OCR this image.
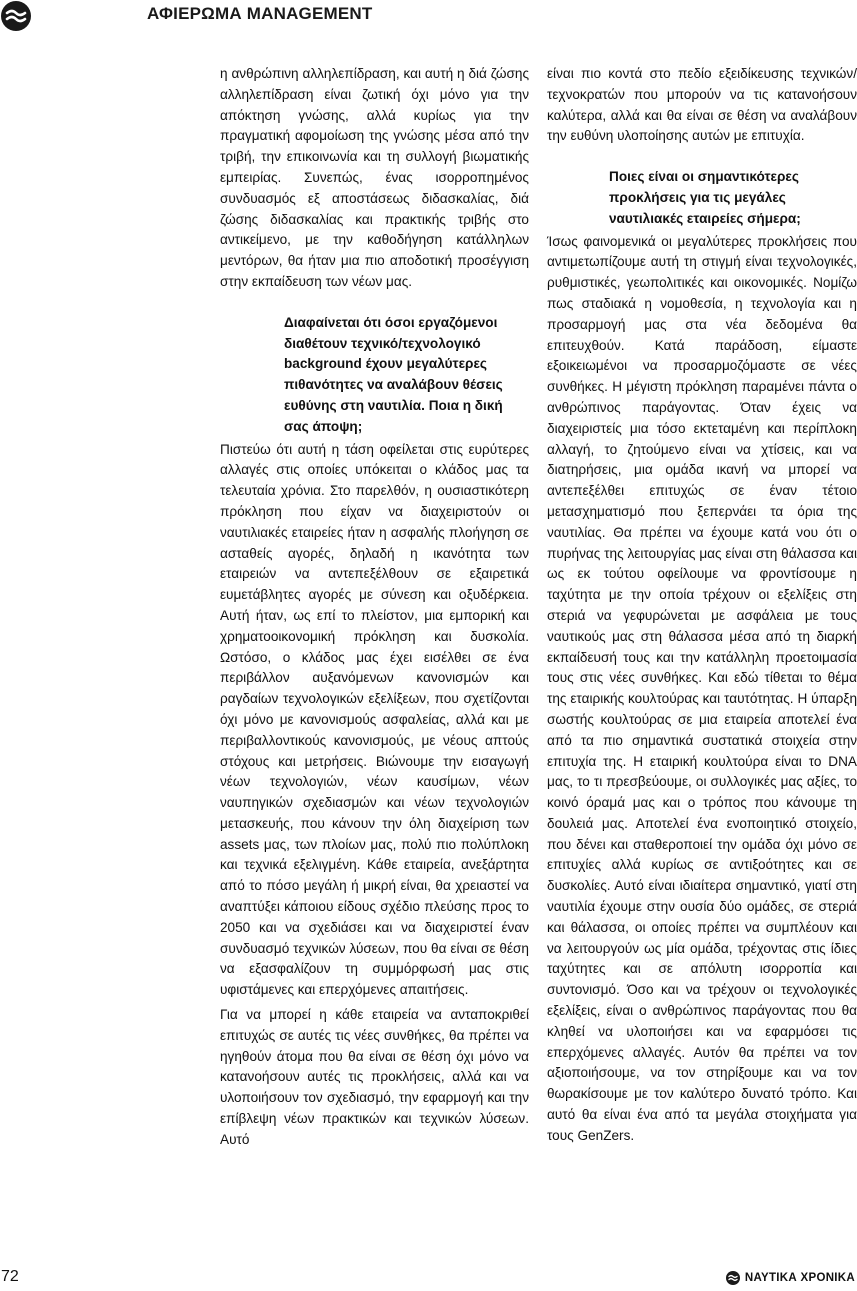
ΑΦΙΕΡΩΜΑ MANAGEMENT

η ανθρώπινη αλληλεπίδραση, και αυτή η διά ζώσης αλληλεπίδραση είναι ζωτική όχι μόνο για την απόκτηση γνώσης, αλλά κυρίως για την πραγματική αφομοίωση της γνώσης μέσα από την τριβή, την επικοινωνία και τη συλλογή βιωματικής εμπειρίας. Συνεπώς, ένας ισορροπημένος συνδυασμός εξ αποστάσεως διδασκαλίας, διά ζώσης διδασκαλίας και πρακτικής τριβής στο αντικείμενο, με την καθοδήγηση κατάλληλων μεντόρων, θα ήταν μια πιο αποδοτική προσέγγιση στην εκπαίδευση των νέων μας.

Διαφαίνεται ότι όσοι εργαζόμενοι διαθέτουν τεχνικό/τεχνολογικό background έχουν μεγαλύτερες πιθανότητες να αναλάβουν θέσεις ευθύνης στη ναυτιλία. Ποια η δική σας άποψη;

Πιστεύω ότι αυτή η τάση οφείλεται στις ευρύτερες αλλαγές στις οποίες υπόκειται ο κλάδος μας τα τελευταία χρόνια. Στο παρελθόν, η ουσιαστικότερη πρόκληση που είχαν να διαχειριστούν οι ναυτιλιακές εταιρείες ήταν η ασφαλής πλοήγηση σε ασταθείς αγορές, δηλαδή η ικανότητα των εταιρειών να αντεπεξέλθουν σε εξαιρετικά ευμετάβλητες αγορές με σύνεση και οξυδέρκεια. Αυτή ήταν, ως επί το πλείστον, μια εμπορική και χρηματοοικονομική πρόκληση και δυσκολία. Ωστόσο, ο κλάδος μας έχει εισέλθει σε ένα περιβάλλον αυξανόμενων κανονισμών και ραγδαίων τεχνολογικών εξελίξεων, που σχετίζονται όχι μόνο με κανονισμούς ασφαλείας, αλλά και με περιβαλλοντικούς κανονισμούς, με νέους απτούς στόχους και μετρήσεις. Βιώνουμε την εισαγωγή νέων τεχνολογιών, νέων καυσίμων, νέων ναυπηγικών σχεδιασμών και νέων τεχνολογιών μετασκευής, που κάνουν την όλη διαχείριση των assets μας, των πλοίων μας, πολύ πιο πολύπλοκη και τεχνικά εξελιγμένη. Κάθε εταιρεία, ανεξάρτητα από το πόσο μεγάλη ή μικρή είναι, θα χρειαστεί να αναπτύξει κάποιου είδους σχέδιο πλεύσης προς το 2050 και να σχεδιάσει και να διαχειριστεί έναν συνδυασμό τεχνικών λύσεων, που θα είναι σε θέση να εξασφαλίζουν τη συμμόρφωσή μας στις υφιστάμενες και επερχόμενες απαιτήσεις.

Για να μπορεί η κάθε εταιρεία να ανταποκριθεί επιτυχώς σε αυτές τις νέες συνθήκες, θα πρέπει να ηγηθούν άτομα που θα είναι σε θέση όχι μόνο να κατανοήσουν αυτές τις προκλήσεις, αλλά και να υλοποιήσουν τον σχεδιασμό, την εφαρμογή και την επίβλεψη νέων πρακτικών και τεχνικών λύσεων. Αυτό

είναι πιο κοντά στο πεδίο εξειδίκευσης τεχνικών/τεχνοκρατών που μπορούν να τις κατανοήσουν καλύτερα, αλλά και θα είναι σε θέση να αναλάβουν την ευθύνη υλοποίησης αυτών με επιτυχία.

Ποιες είναι οι σημαντικότερες προκλήσεις για τις μεγάλες ναυτιλιακές εταιρείες σήμερα;

Ίσως φαινομενικά οι μεγαλύτερες προκλήσεις που αντιμετωπίζουμε αυτή τη στιγμή είναι τεχνολογικές, ρυθμιστικές, γεωπολιτικές και οικονομικές. Νομίζω πως σταδιακά η νομοθεσία, η τεχνολογία και η προσαρμογή μας στα νέα δεδομένα θα επιτευχθούν. Κατά παράδοση, είμαστε εξοικειωμένοι να προσαρμοζόμαστε σε νέες συνθήκες. Η μέγιστη πρόκληση παραμένει πάντα ο ανθρώπινος παράγοντας. Όταν έχεις να διαχειριστείς μια τόσο εκτεταμένη και περίπλοκη αλλαγή, το ζητούμενο είναι να χτίσεις, και να διατηρήσεις, μια ομάδα ικανή να μπορεί να αντεπεξέλθει επιτυχώς σε έναν τέτοιο μετασχηματισμό που ξεπερνάει τα όρια της ναυτιλίας. Θα πρέπει να έχουμε κατά νου ότι ο πυρήνας της λειτουργίας μας είναι στη θάλασσα και ως εκ τούτου οφείλουμε να φροντίσουμε η ταχύτητα με την οποία τρέχουν οι εξελίξεις στη στεριά να γεφυρώνεται με ασφάλεια με τους ναυτικούς μας στη θάλασσα μέσα από τη διαρκή εκπαίδευσή τους και την κατάλληλη προετοιμασία τους στις νέες συνθήκες. Και εδώ τίθεται το θέμα της εταιρικής κουλτούρας και ταυτότητας. Η ύπαρξη σωστής κουλτούρας σε μια εταιρεία αποτελεί ένα από τα πιο σημαντικά συστατικά στοιχεία στην επιτυχία της. Η εταιρική κουλτούρα είναι το DNA μας, το τι πρεσβεύουμε, οι συλλογικές μας αξίες, το κοινό όραμά μας και ο τρόπος που κάνουμε τη δουλειά μας. Αποτελεί ένα ενοποιητικό στοιχείο, που δένει και σταθεροποιεί την ομάδα όχι μόνο σε επιτυχίες αλλά κυρίως σε αντιξοότητες και σε δυσκολίες. Αυτό είναι ιδιαίτερα σημαντικό, γιατί στη ναυτιλία έχουμε στην ουσία δύο ομάδες, σε στεριά και θάλασσα, οι οποίες πρέπει να συμπλέουν και να λειτουργούν ως μία ομάδα, τρέχοντας στις ίδιες ταχύτητες και σε απόλυτη ισορροπία και συντονισμό. Όσο και να τρέχουν οι τεχνολογικές εξελίξεις, είναι ο ανθρώπινος παράγοντας που θα κληθεί να υλοποιήσει και να εφαρμόσει τις επερχόμενες αλλαγές. Αυτόν θα πρέπει να τον αξιοποιήσουμε, να τον στηρίξουμε και να τον θωρακίσουμε με τον καλύτερο δυνατό τρόπο. Και αυτό θα είναι ένα από τα μεγάλα στοιχήματα για τους GenZers.

72	ΝΑΥΤΙΚΑ ΧΡΟΝΙΚΑ
